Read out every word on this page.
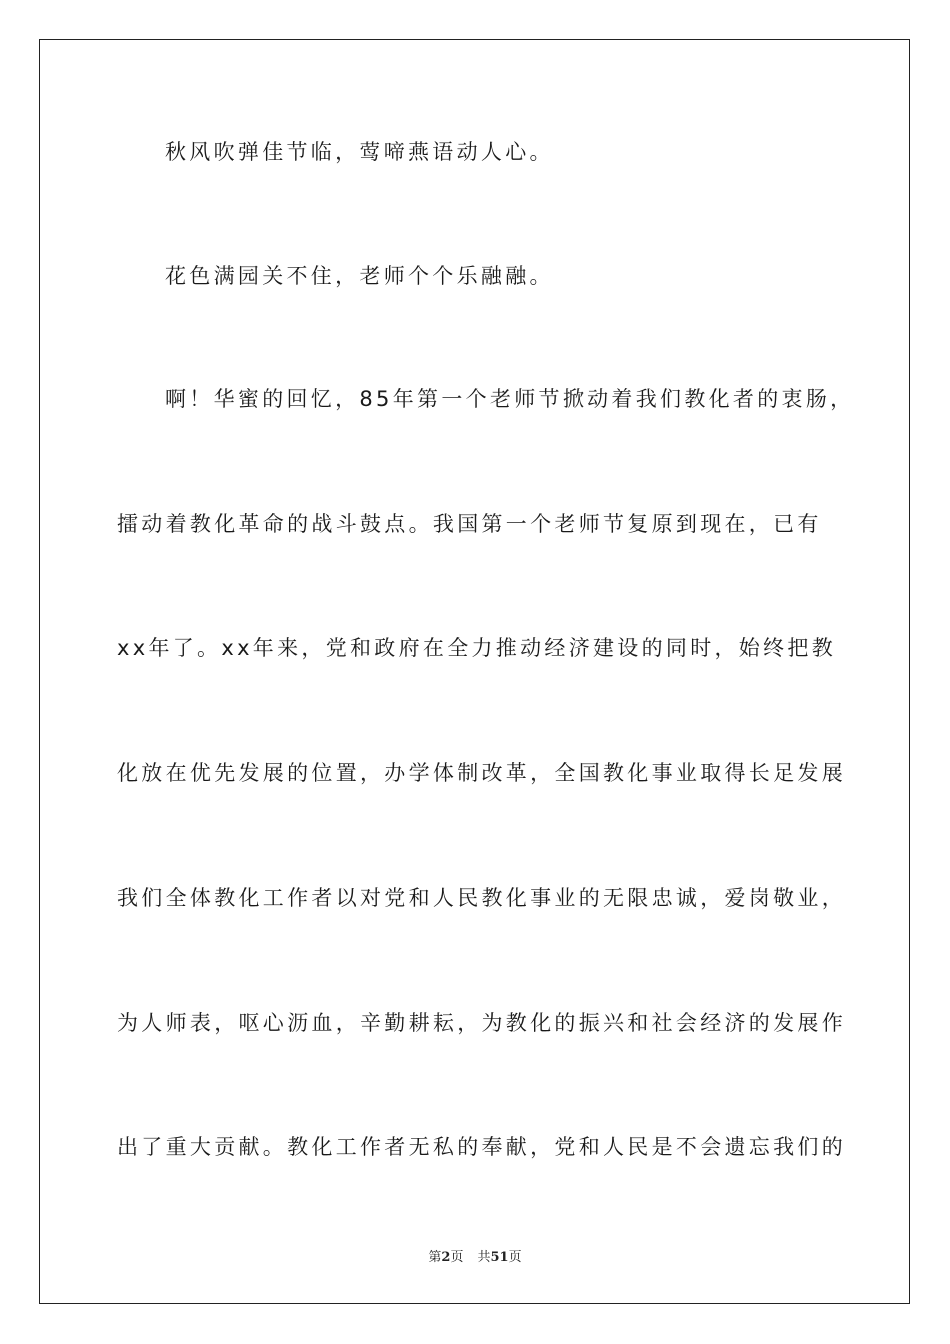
秋风吹弹佳节临，莺啼燕语动人心。
花色满园关不住，老师个个乐融融。
啊！华蜜的回忆，85年第一个老师节掀动着我们教化者的衷肠，
擂动着教化革命的战斗鼓点。我国第一个老师节复原到现在，已有
xx年了。xx年来，党和政府在全力推动经济建设的同时，始终把教
化放在优先发展的位置，办学体制改革，全国教化事业取得长足发展
我们全体教化工作者以对党和人民教化事业的无限忠诚，爱岗敬业，
为人师表，呕心沥血，辛勤耕耘，为教化的振兴和社会经济的发展作
出了重大贡献。教化工作者无私的奉献，党和人民是不会遗忘我们的
第2页 共51页
